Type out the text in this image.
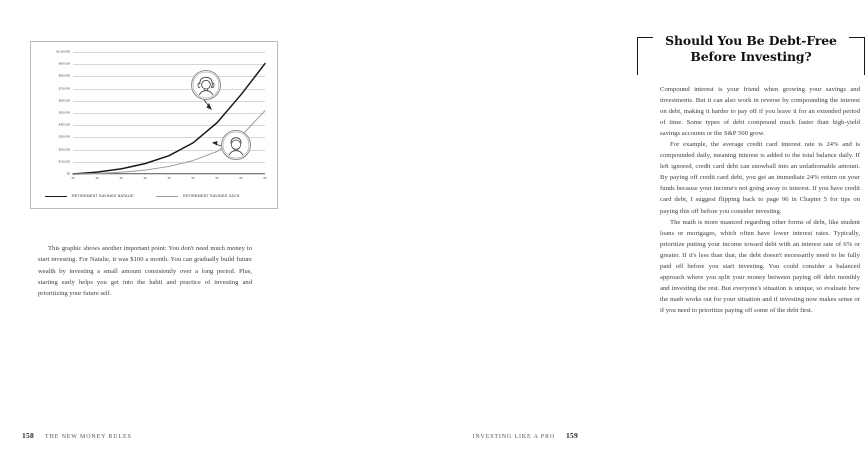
$1,000,000
$900,000
$800,000
$700,000
$600,000
$500,000
$400,000
$300,000
$200,000
$100,000
$0
25	30	35	40	45	50	55	60	65
RETIREMENT SAVINGS NATALIE	RETIREMENT SAVINGS ZACH
This graphic shows another important point: You don't need much money to start investing. For Natalie, it was $100 a month. You can gradually build future wealth by investing a small amount consistently over a long period. Plus, starting early helps you get into the habit and practice of investing and prioritizing your future self.
158 THE NEW MONEY RULES
Should You Be Debt-Free Before Investing?

Compound interest is your friend when growing your savings and investments. But it can also work in reverse by compounding the interest on debt, making it harder to pay off if you leave it for an extended period of time. Some types of debt compound much faster than high-yield savings accounts or the S&P 500 grow.

For example, the average credit card interest rate is 24% and is compounded daily, meaning interest is added to the total balance daily. If left ignored, credit card debt can snowball into an unfathomable amount. By paying off credit card debt, you get an immediate 24% return on your funds because your income's not going away to interest. If you have credit card debt, I suggest flipping back to page 96 in Chapter 5 for tips on paying this off before you consider investing.

The math is more nuanced regarding other forms of debt, like student loans or mortgages, which often have lower interest rates. Typically, prioritize putting your income toward debt with an interest rate of 6% or greater. If it's less than that, the debt doesn't necessarily need to be fully paid off before you start investing. You could consider a balanced approach where you split your money between paying off debt monthly and investing the rest. But everyone's situation is unique, so evaluate how the math works out for your situation and if investing now makes sense or if you need to prioritize paying off some of the debt first.

INVESTING LIKE A PRO 159
